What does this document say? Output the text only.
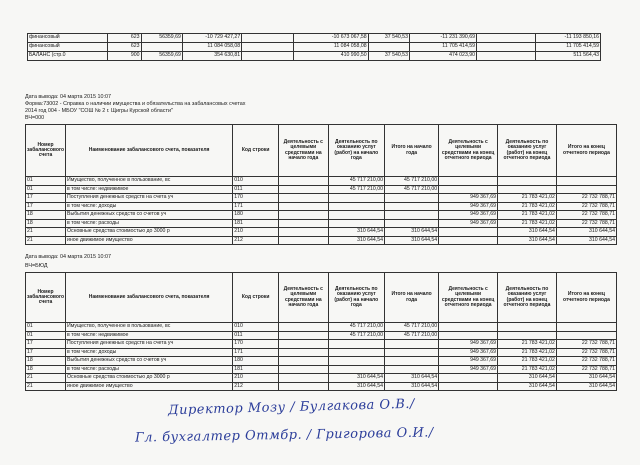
финансовый	623	56359,69	-10 729 427,27		-10 673 067,58	37 540,53	-11 231 390,69		-11 193 850,16
финансовый	623		11 084 058,08		11 084 058,08		11 705 414,59		11 705 414,59
БАЛАНС (стр.0	900	56359,69	354 630,81		410 990,50	37 540,53	474 023,90		511 564,43
Дата вывода: 04 марта 2015 10:07
Форма:73002 - Справка о наличии имущества и обязательства на забалансовых счетах
2014 год 004 - МБОУ "СОШ № 2 г. Щигры Курской области"
ВЧ=000
Номер забалансового счета	Наименование забалансового счета, показателя	Код строки	Деятельность с целевыми средствами на начало года	Деятельность по оказанию услуг (работ) на начало года	Итого на начало года	Деятельность с целевыми средствами на конец отчетного периода	Деятельность по оказанию услуг (работ) на конец отчетного периода	Итого на конец отчетного периода
01	Имущество, полученное в пользование, вс	010		45 717 210,00	45 717 210,00			
01	в том числе: недвижимое	011		45 717 210,00	45 717 210,00			
17	Поступления денежных средств на счета уч	170				949 367,69	21 783 421,02	22 732 788,71
17	в том числе: доходы	171				949 367,69	21 783 421,02	22 732 788,71
18	Выбытия денежных средств со счетов уч	180				949 367,69	21 783 421,02	22 732 788,71
18	в том числе: расходы	181				949 367,69	21 783 421,02	22 732 788,71
21	Основные средства стоимостью до 3000 р	210		310 644,54	310 644,54		310 644,54	310 644,54
21	иное движимое имущество	212		310 644,54	310 644,54		310 644,54	310 644,54
Дата вывода: 04 марта 2015 10:07
ВЧ=БЮД
Номер забалансового счета	Наименование забалансового счета, показателя	Код строки	Деятельность с целевыми средствами на начало года	Деятельность по оказанию услуг (работ) на начало года	Итого на начало года	Деятельность с целевыми средствами на конец отчетного периода	Деятельность по оказанию услуг (работ) на конец отчетного периода	Итого на конец отчетного периода
01	Имущество, полученное в пользование, вс	010		45 717 210,00	45 717 210,00			
01	в том числе: недвижимое	011		45 717 210,00	45 717 210,00			
17	Поступления денежных средств на счета уч	170				949 367,69	21 783 421,02	22 732 788,71
17	в том числе: доходы	171				949 367,69	21 783 421,02	22 732 788,71
18	Выбытия денежных средств со счетов уч	180				949 367,69	21 783 421,02	22 732 788,71
18	в том числе: расходы	181				949 367,69	21 783 421,02	22 732 788,71
21	Основные средства стоимостью до 3000 р	210		310 644,54	310 644,54		310 644,54	310 644,54
21	иное движимое имущество	212		310 644,54	310 644,54		310 644,54	310 644,54
Директор Мозу / Булгакова О.В./
Гл. бухгалтер Отмбр. / Григорова О.И./
